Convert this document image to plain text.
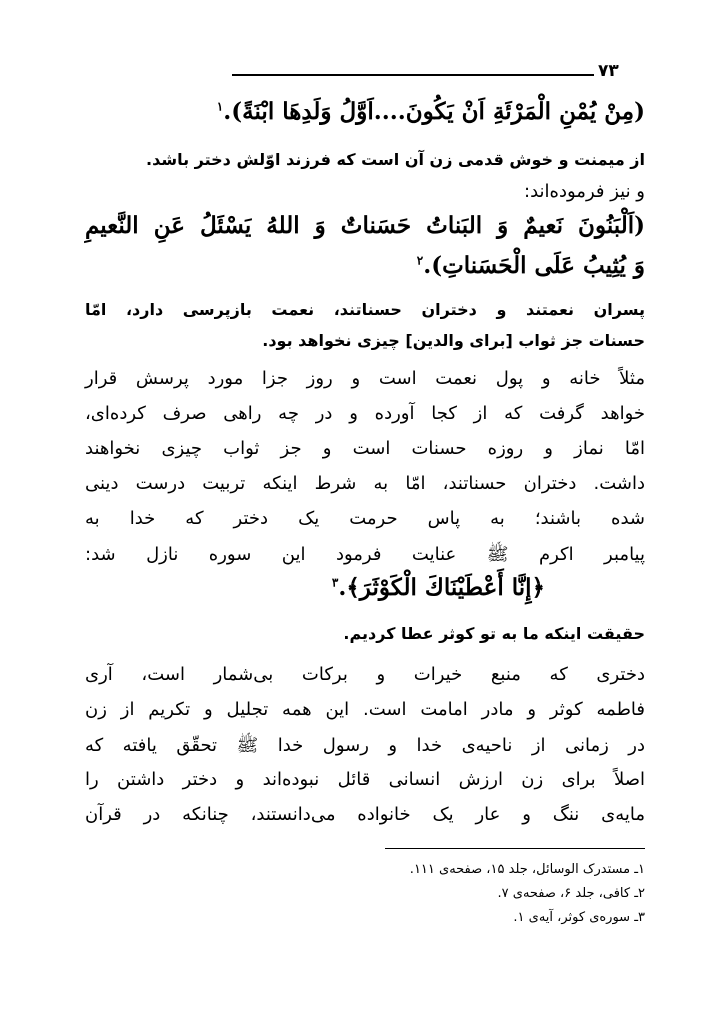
۷۳
(مِنْ يُمْنِ الْمَرْئَةِ اَنْ يَكُونَ....اَوَّلُ وَلَدِهَا ابْنَةً).$^۱$
از میمنت و خوش قدمی زن آن است که فرزند اوّلش دختر باشد.
و نیز فرموده‌اند:
(اَلْبَنُونَ نَعيمٌ وَ البَناتُ حَسَناتٌ وَ اللهُ يَسْئَلُ عَنِ النَّعيمِ
وَ يُثِيبُ عَلَى الْحَسَناتِ).$^۲$
پسران نعمتند و دختران حسناتند، نعمت بازپرسی دارد، امّا
حسنات جز ثواب [برای والدین] چیزی نخواهد بود.
مثلاً خانه و پول نعمت است و روز جزا مورد پرسش قرار
خواهد گرفت که از کجا آورده و در چه راهی صرف کرده‌ای،
امّا نماز و روزه حسنات است و جز ثواب چیزی نخواهند
داشت. دختران حسناتند، امّا به شرط اینکه تربیت درست دینی
شده باشند؛ به پاس حرمت یک دختر که خدا به
پیامبر اکرم ﷺ عنایت فرمود این سوره نازل شد:
﴿إِنَّا أَعْطَيْنَاكَ الْكَوْثَرَ﴾.$^۳$
حقیقت اینکه ما به تو کوثر عطا کردیم.
دختری که منبع خیرات و برکات بی‌شمار است، آری
فاطمه کوثر و مادر امامت است. این همه تجلیل و تکریم از زن
در زمانی از ناحیه‌ی خدا و رسول خدا ﷺ تحقّق یافته که
اصلاً برای زن ارزش انسانی قائل نبوده‌اند و دختر داشتن را
مایه‌ی ننگ و عار یک خانواده می‌دانستند، چنانکه در قرآن
۱ـ مستدرک الوسائل، جلد ۱۵، صفحه‌ی ۱۱۱.
۲ـ کافی، جلد ۶، صفحه‌ی ۷.
۳ـ سوره‌ی کوثر، آیه‌ی ۱.
